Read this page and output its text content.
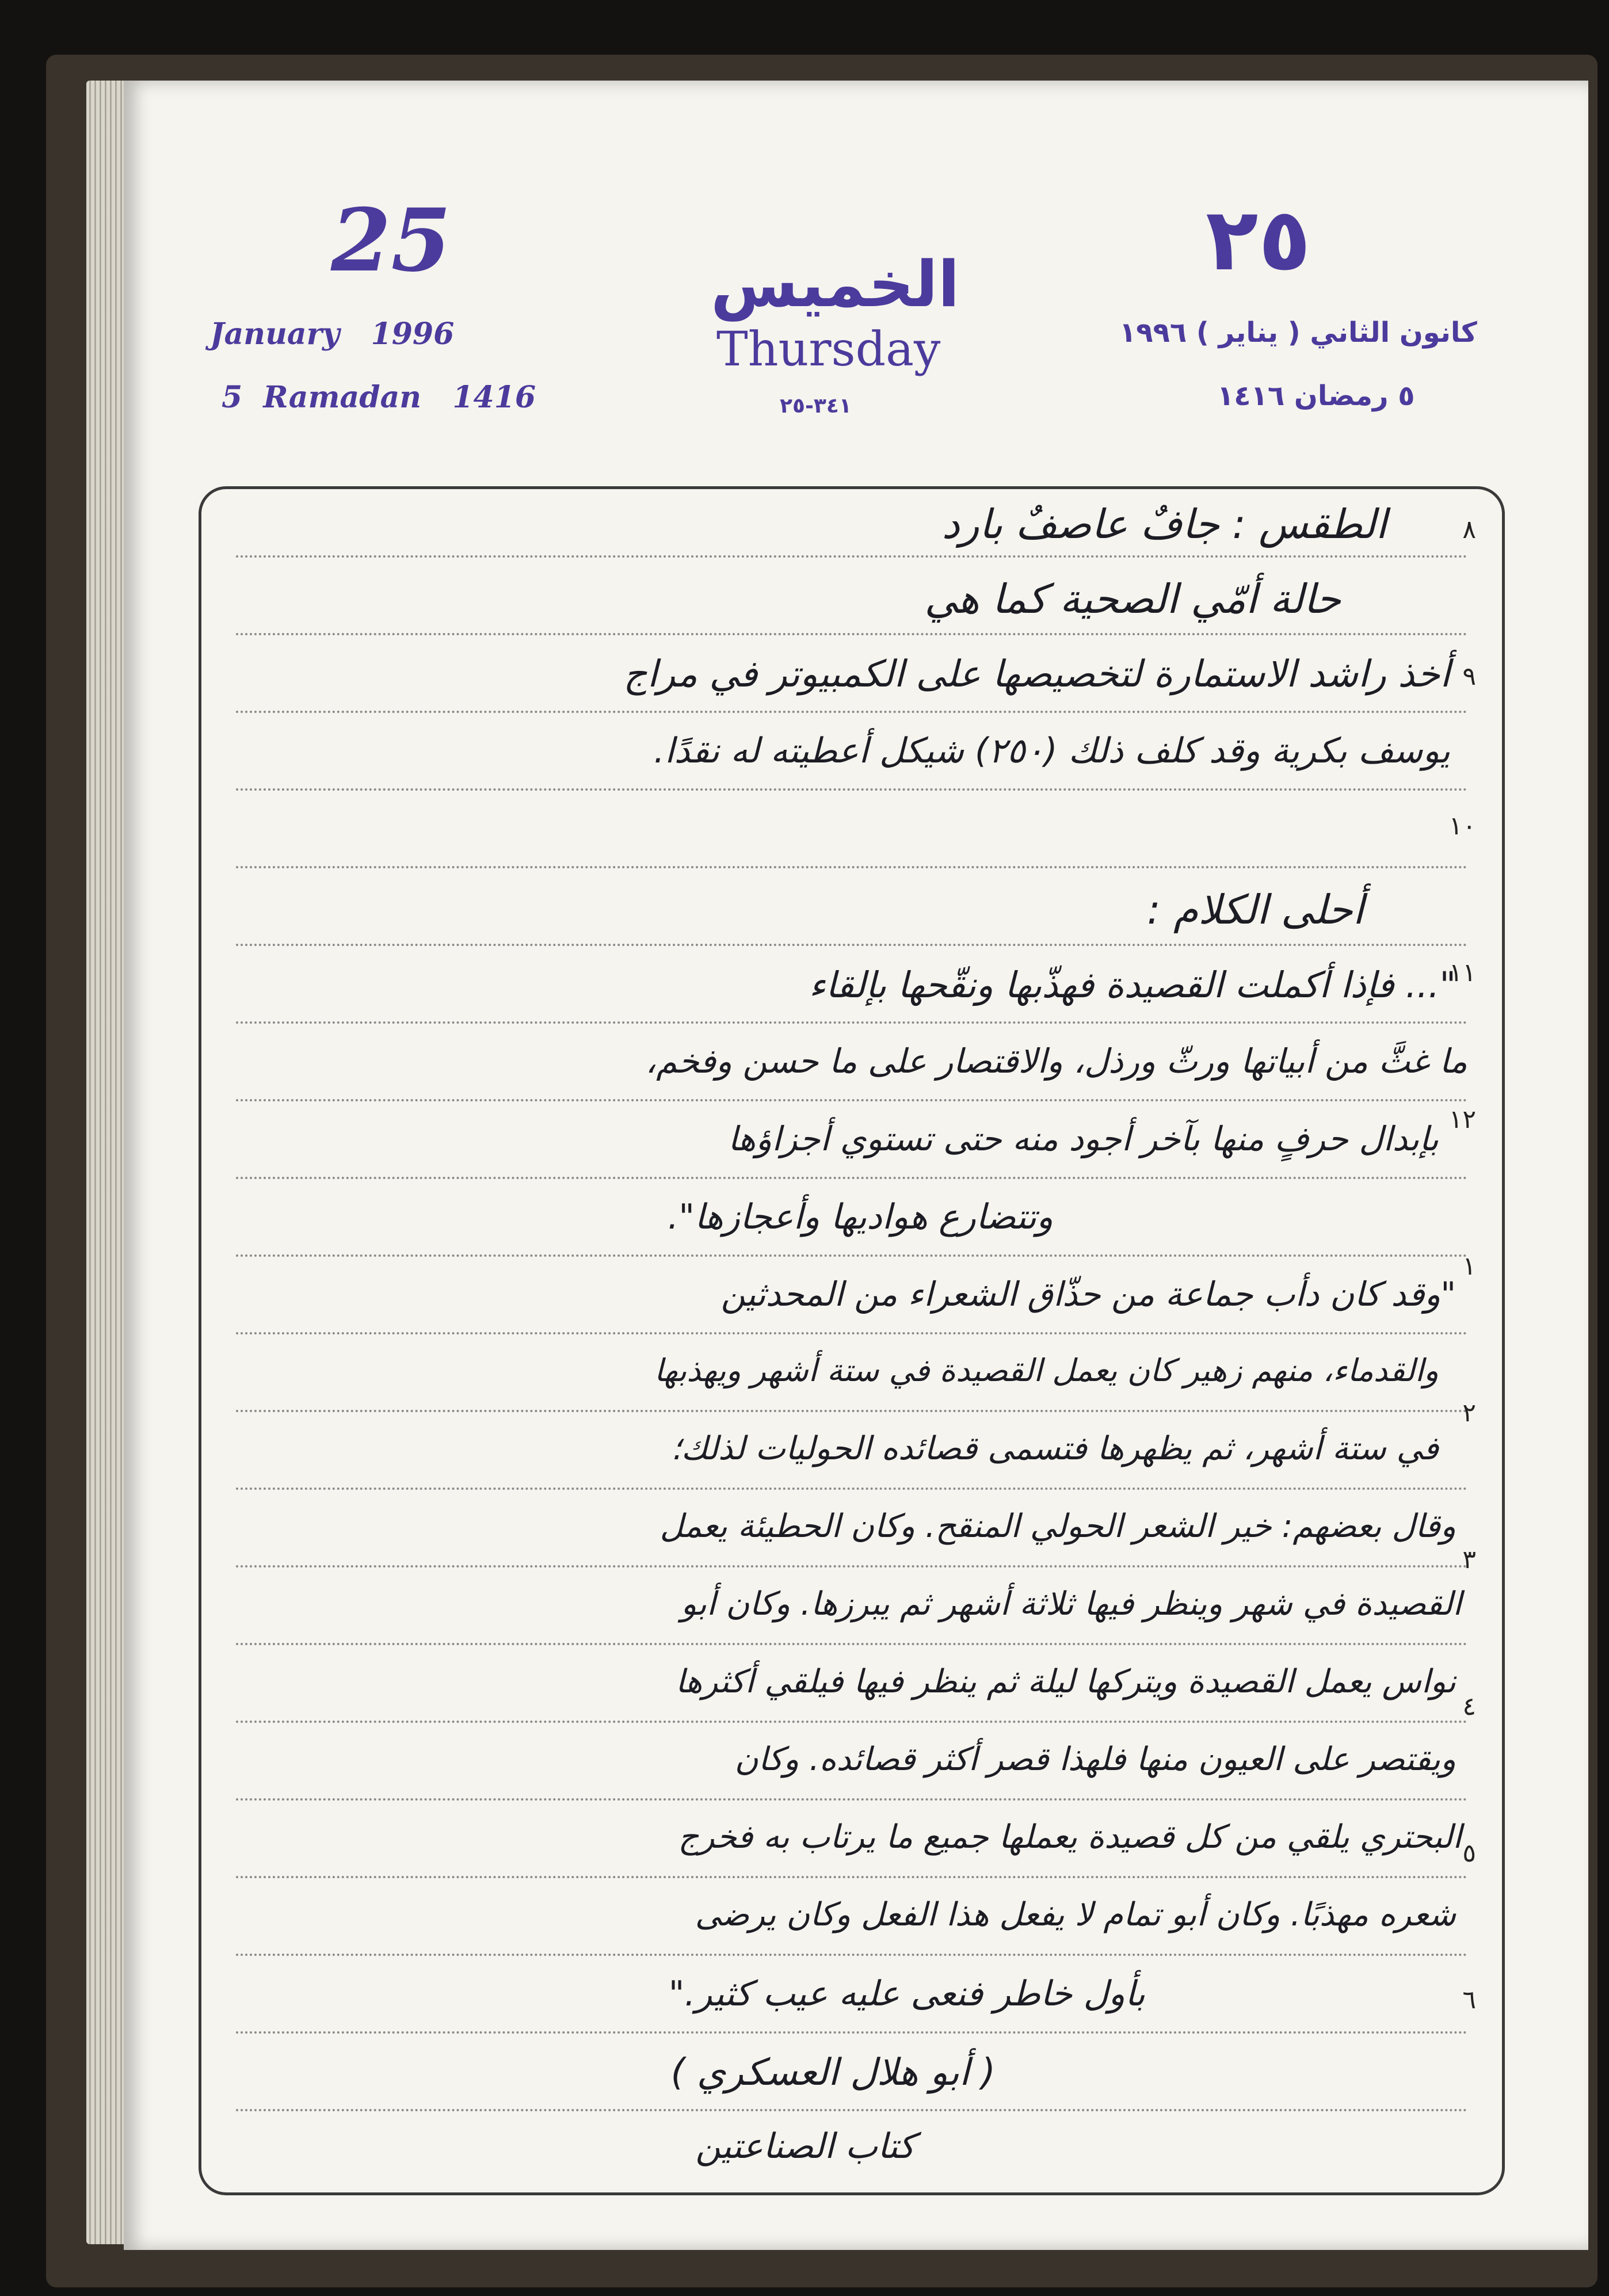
25
January   1996
5  Ramadan   1416
الخميس
Thursday
٣٤١-٢٥
٢٥
كانون الثاني ( يناير ) ١٩٩٦
٥ رمضان ١٤١٦
٨
٩
١٠
١١
١٢
١
٢
٣
٤
٥
٦
الطقس : جافٌ عاصفٌ بارد
حالة أمّي الصحية كما هي
أخذ راشد الاستمارة لتخصيصها على الكمبيوتر في مراج
يوسف بكرية وقد كلف ذلك (٢٥٠) شيكل أعطيته له نقدًا.
أحلى الكلام :
"... فإذا أكملت القصيدة فهذّبها ونقّحها بإلقاء
ما غثَّ من أبياتها ورثّ ورذل، والاقتصار على ما حسن وفخم،
بإبدال حرفٍ منها بآخر أجود منه حتى تستوي أجزاؤها
وتتضارع هواديها وأعجازها".
"وقد كان دأب جماعة من حذّاق الشعراء من المحدثين
والقدماء، منهم زهير كان يعمل القصيدة في ستة أشهر ويهذبها
في ستة أشهر، ثم يظهرها فتسمى قصائده الحوليات لذلك؛
وقال بعضهم: خير الشعر الحولي المنقح. وكان الحطيئة يعمل
القصيدة في شهر وينظر فيها ثلاثة أشهر ثم يبرزها. وكان أبو
نواس يعمل القصيدة ويتركها ليلة ثم ينظر فيها فيلقي أكثرها
ويقتصر على العيون منها فلهذا قصر أكثر قصائده. وكان
البحتري يلقي من كل قصيدة يعملها جميع ما يرتاب به فخرج
شعره مهذبًا. وكان أبو تمام لا يفعل هذا الفعل وكان يرضى
بأول خاطر فنعى عليه عيب كثير."
( أبو هلال العسكري )
كتاب الصناعتين
